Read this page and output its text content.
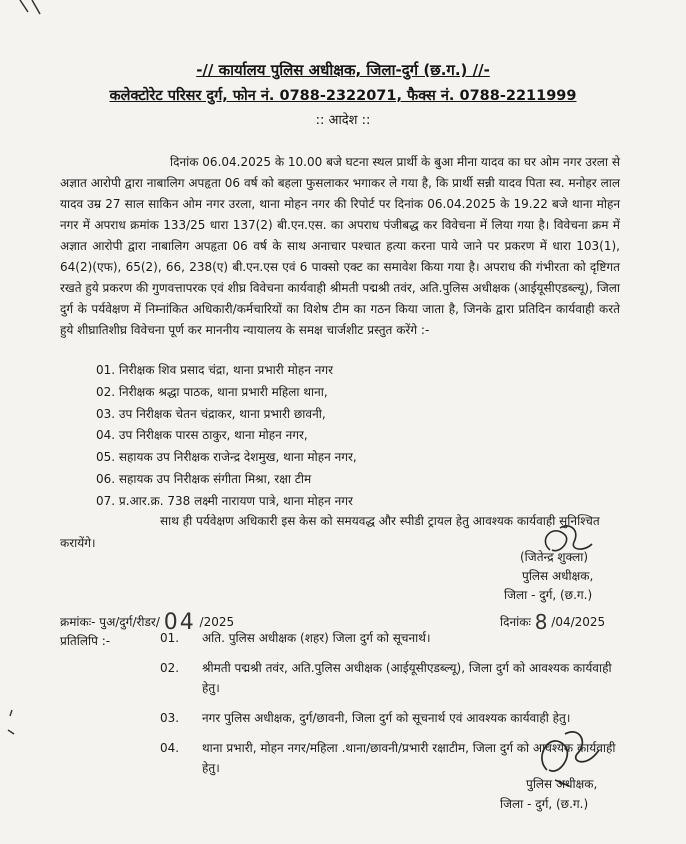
-// कार्यालय पुलिस अधीक्षक, जिला-दुर्ग (छ.ग.) //-
कलेक्टोरेट परिसर दुर्ग, फोन नं. 0788-2322071, फैक्स नं. 0788-2211999
:: आदेश ::

दिनांक 06.04.2025 के 10.00 बजे घटना स्थल प्रार्थी के बुआ मीना यादव का घर ओम नगर उरला से अज्ञात आरोपी द्वारा नाबालिग अपहृता 06 वर्ष को बहला फुसलाकर भगाकर ले गया है, कि प्रार्थी सन्नी यादव पिता स्व. मनोहर लाल यादव उम्र 27 साल साकिन ओम नगर उरला, थाना मोहन नगर की रिपोर्ट पर दिनांक 06.04.2025 के 19.22 बजे थाना मोहन नगर में अपराध क्रमांक 133/25 धारा 137(2) बी.एन.एस. का अपराध पंजीबद्ध कर विवेचना में लिया गया है। विवेचना क्रम में अज्ञात आरोपी द्वारा नाबालिग अपहृता 06 वर्ष के साथ अनाचार पश्चात हत्या करना पाये जाने पर प्रकरण में धारा 103(1), 64(2)(एफ), 65(2), 66, 238(ए) बी.एन.एस एवं 6 पाक्सो एक्ट का समावेश किया गया है। अपराध की गंभीरता को दृष्टिगत रखते हुये प्रकरण की गुणवत्तापरक एवं शीघ्र विवेचना कार्यवाही श्रीमती पद्मश्री तवंर, अति.पुलिस अधीक्षक (आईयूसीएडब्ल्यू), जिला दुर्ग के पर्यवेक्षण में निम्नांकित अधिकारी/कर्मचारियों का विशेष टीम का गठन किया जाता है, जिनके द्वारा प्रतिदिन कार्यवाही करते हुये शीघ्रातिशीघ्र विवेचना पूर्ण कर माननीय न्यायालय के समक्ष चार्जशीट प्रस्तुत करेंगे :-

01. निरीक्षक शिव प्रसाद चंद्रा, थाना प्रभारी मोहन नगर
02. निरीक्षक श्रद्धा पाठक, थाना प्रभारी महिला थाना,
03. उप निरीक्षक चेतन चंद्राकर, थाना प्रभारी छावनी,
04. उप निरीक्षक पारस ठाकुर, थाना मोहन नगर,
05. सहायक उप निरीक्षक राजेन्द्र देशमुख, थाना मोहन नगर,
06. सहायक उप निरीक्षक संगीता मिश्रा, रक्षा टीम
07. प्र.आर.क्र. 738 लक्ष्मी नारायण पात्रे, थाना मोहन नगर

साथ ही पर्यवेक्षण अधिकारी इस केस को समयवद्ध और स्पीडी ट्रायल हेतु आवश्यक कार्यवाही सुनिश्चित करायेंगे।

(जितेन्द्र शुक्ला)
पुलिस अधीक्षक,
जिला - दुर्ग, (छ.ग.)
क्रमांकः- पुअ/दुर्ग/रीडर/ 04 /2025	दिनांकः 8 /04/2025
प्रतिलिपि :-	01. अति. पुलिस अधीक्षक (शहर) जिला दुर्ग को सूचनार्थ।
02. श्रीमती पद्मश्री तवंर, अति.पुलिस अधीक्षक (आईयूसीएडब्ल्यू), जिला दुर्ग को आवश्यक कार्यवाही हेतु।
03. नगर पुलिस अधीक्षक, दुर्ग/छावनी, जिला दुर्ग को सूचनार्थ एवं आवश्यक कार्यवाही हेतु।
04. थाना प्रभारी, मोहन नगर/महिला .थाना/छावनी/प्रभारी रक्षाटीम, जिला दुर्ग को आवश्यक कार्यवाही हेतु।
पुलिस अधीक्षक,
जिला - दुर्ग, (छ.ग.)
